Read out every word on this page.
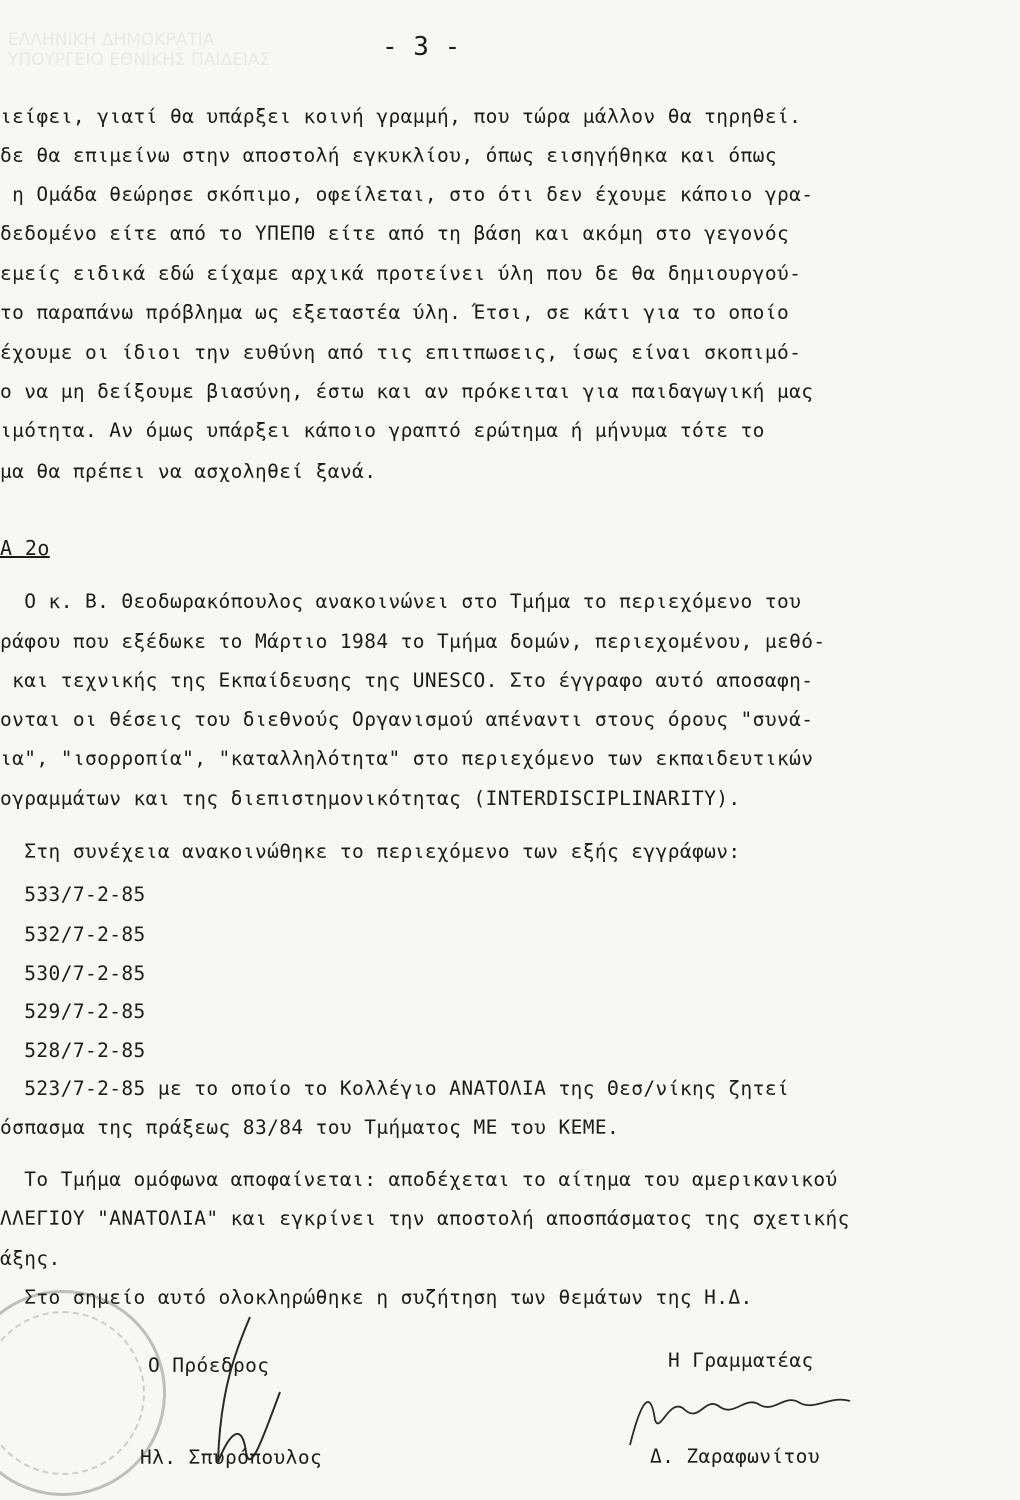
ΕΛΛΗΝΙΚΗ ΔΗΜΟΚΡΑΤΙΑ
ΥΠΟΥΡΓΕΙΟ ΕΘΝΙΚΗΣ ΠΑΙΔΕΙΑΣ	- 3 -
ιείφει, γιατί θα υπάρξει κοινή γραμμή, που τώρα μάλλον θα τηρηθεί.
δε θα επιμείνω στην αποστολή εγκυκλίου, όπως εισηγήθηκα και όπως
η Ομάδα θεώρησε σκόπιμο, οφείλεται, στο ότι δεν έχουμε κάποιο γρα-
δεδομένο είτε από το ΥΠΕΠΘ είτε από τη βάση και ακόμη στο γεγονός
εμείς ειδικά εδώ είχαμε αρχικά προτείνει ύλη που δε θα δημιουργού-
το παραπάνω πρόβλημα ως εξεταστέα ύλη. Έτσι, σε κάτι για το οποίο
έχουμε οι ίδιοι την ευθύνη από τις επιτπωσεις, ίσως είναι σκοπιμό-
ο να μη δείξουμε βιασύνη, έστω και αν πρόκειται για παιδαγωγική μας
ιμότητα. Αν όμως υπάρξει κάποιο γραπτό ερώτημα ή μήνυμα τότε το
μα θα πρέπει να ασχοληθεί ξανά.
Α 2ο
Ο κ. Β. Θεοδωρακόπουλος ανακοινώνει στο Τμήμα το περιεχόμενο του
ράφου που εξέδωκε το Μάρτιο 1984 το Τμήμα δομών, περιεχομένου, μεθό-
και τεχνικής της Εκπαίδευσης της UNESCO. Στο έγγραφο αυτό αποσαφη-
ονται οι θέσεις του διεθνούς Οργανισμού απέναντι στους όρους "συνά-
ια", "ισορροπία", "καταλληλότητα" στο περιεχόμενο των εκπαιδευτικών
ογραμμάτων και της διεπιστημονικότητας (INTERDISCIPLINARITY).
Στη συνέχεια ανακοινώθηκε το περιεχόμενο των εξής εγγράφων:
533/7-2-85
532/7-2-85
530/7-2-85
529/7-2-85
528/7-2-85
523/7-2-85 με το οποίο το Κολλέγιο ΑΝΑΤΟΛΙΑ της Θεσ/νίκης ζητεί
όσπασμα της πράξεως 83/84 του Τμήματος ΜΕ του ΚΕΜΕ.
Το Τμήμα ομόφωνα αποφαίνεται: αποδέχεται το αίτημα του αμερικανικού
ΛΛΕΓΙΟΥ "ΑΝΑΤΟΛΙΑ" και εγκρίνει την αποστολή αποσπάσματος της σχετικής
άξης.
Στο σημείο αυτό ολοκληρώθηκε η συζήτηση των θεμάτων της Η.Δ.
Ο Πρόεδρος	Η Γραμματέας
Ηλ. Σπυρόπουλος	Δ. Ζαραφωνίτου
